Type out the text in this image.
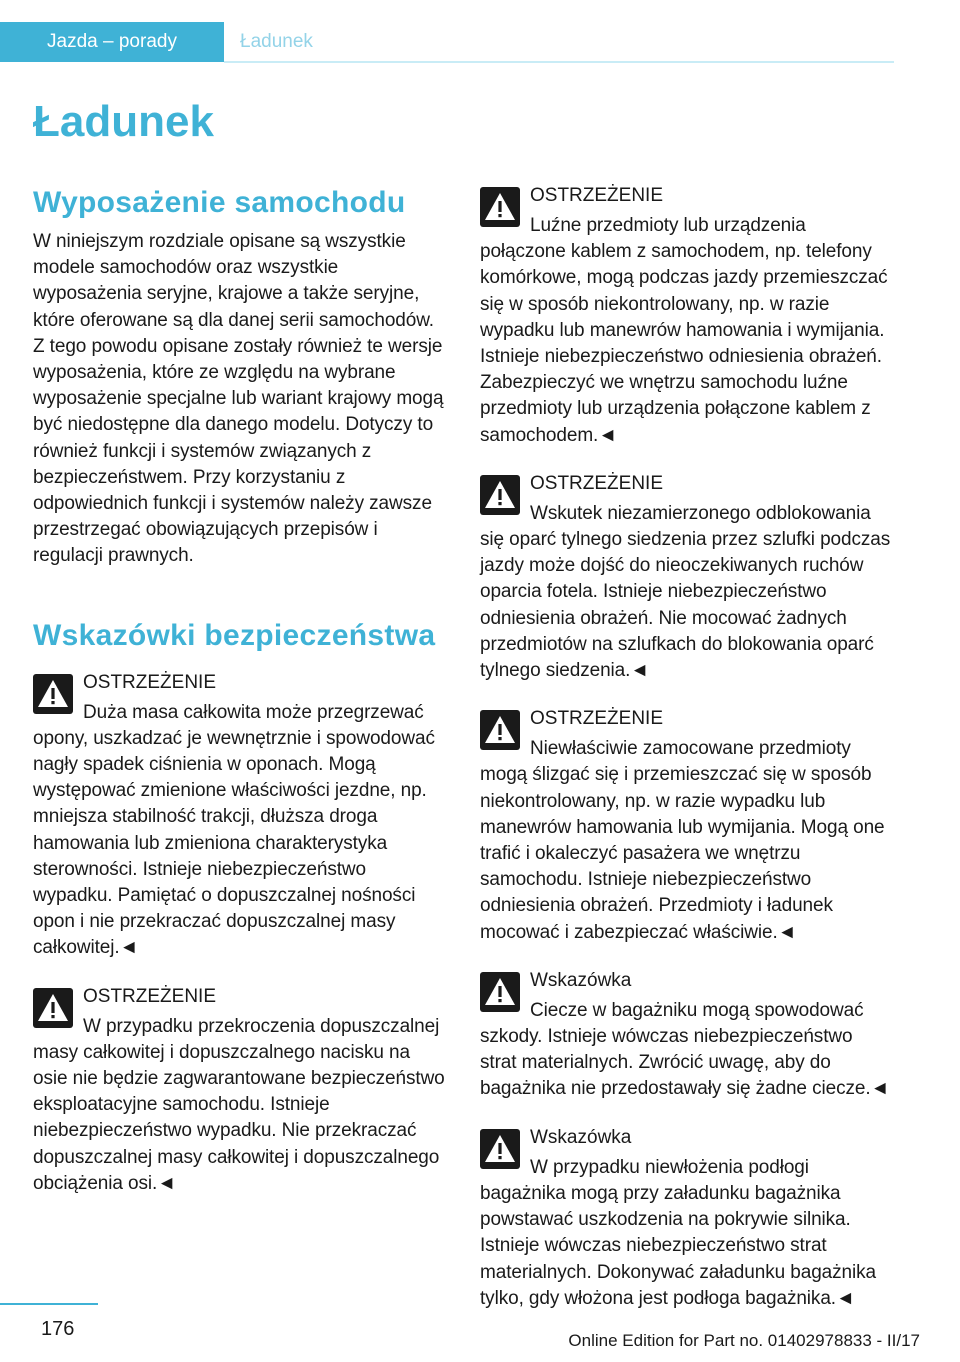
Jazda – porady	Ładunek
Ładunek
Wyposażenie samochodu

W niniejszym rozdziale opisane są wszystkie modele samochodów oraz wszystkie wyposażenia seryjne, krajowe a także seryjne, które oferowane są dla danej serii samochodów. Z tego powodu opisane zostały również te wersje wyposażenia, które ze względu na wybrane wyposażenie specjalne lub wariant krajowy mogą być niedostępne dla danego modelu. Dotyczy to również funkcji i systemów związanych z bezpieczeństwem. Przy korzystaniu z odpowiednich funkcji i systemów należy zawsze przestrzegać obowiązujących przepisów i regulacji prawnych.

Wskazówki bezpieczeństwa
OSTRZEŻENIE
Duża masa całkowita może przegrzewać opony, uszkadzać je wewnętrznie i spowodować nagły spadek ciśnienia w oponach. Mogą występować zmienione właściwości jezdne, np. mniejsza stabilność trakcji, dłuższa droga hamowania lub zmieniona charakterystyka sterowności. Istnieje niebezpieczeństwo wypadku. Pamiętać o dopuszczalnej nośności opon i nie przekraczać dopuszczalnej masy całkowitej.◄
OSTRZEŻENIE
W przypadku przekroczenia dopuszczalnej masy całkowitej i dopuszczalnego nacisku na osie nie będzie zagwarantowane bezpieczeństwo eksploatacyjne samochodu. Istnieje niebezpieczeństwo wypadku. Nie przekraczać dopuszczalnej masy całkowitej i dopuszczalnego obciążenia osi.◄
OSTRZEŻENIE
Luźne przedmioty lub urządzenia połączone kablem z samochodem, np. telefony komórkowe, mogą podczas jazdy przemieszczać się w sposób niekontrolowany, np. w razie wypadku lub manewrów hamowania i wymijania. Istnieje niebezpieczeństwo odniesienia obrażeń. Zabezpieczyć we wnętrzu samochodu luźne przedmioty lub urządzenia połączone kablem z samochodem.◄
OSTRZEŻENIE
Wskutek niezamierzonego odblokowania się oparć tylnego siedzenia przez szlufki podczas jazdy może dojść do nieoczekiwanych ruchów oparcia fotela. Istnieje niebezpieczeństwo odniesienia obrażeń. Nie mocować żadnych przedmiotów na szlufkach do blokowania oparć tylnego siedzenia.◄
OSTRZEŻENIE
Niewłaściwie zamocowane przedmioty mogą ślizgać się i przemieszczać się w sposób niekontrolowany, np. w razie wypadku lub manewrów hamowania lub wymijania. Mogą one trafić i okaleczyć pasażera we wnętrzu samochodu. Istnieje niebezpieczeństwo odniesienia obrażeń. Przedmioty i ładunek mocować i zabezpieczać właściwie.◄
Wskazówka
Ciecze w bagażniku mogą spowodować szkody. Istnieje wówczas niebezpieczeństwo strat materialnych. Zwrócić uwagę, aby do bagażnika nie przedostawały się żadne ciecze.◄
Wskazówka
W przypadku niewłożenia podłogi bagażnika mogą przy załadunku bagażnika powstawać uszkodzenia na pokrywie silnika. Istnieje wówczas niebezpieczeństwo strat materialnych. Dokonywać załadunku bagażnika tylko, gdy włożona jest podłoga bagażnika.◄
176
Online Edition for Part no. 01402978833 - II/17
